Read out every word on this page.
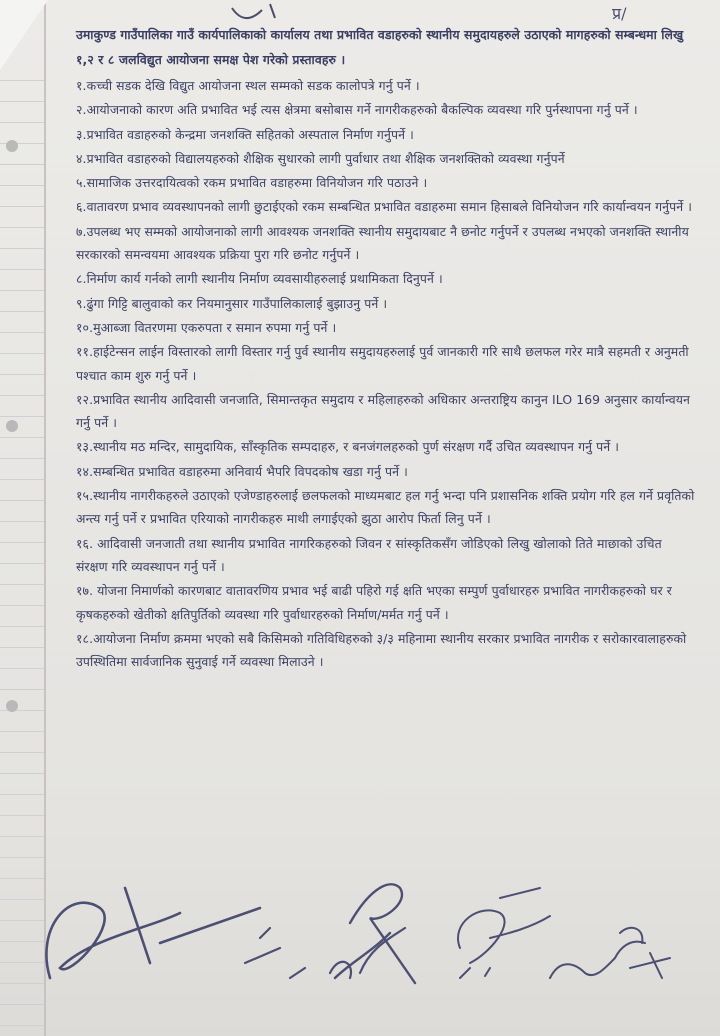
प्र/

उमाकुण्ड गाउँपालिका गाउँ कार्यपालिकाको कार्यालय तथा प्रभावित वडाहरुको स्थानीय समुदायहरुले उठाएको मागहरुको सम्बन्धमा लिखु १,२ र ८ जलविद्युत आयोजना समक्ष पेश गरेको प्रस्तावहरु ।

१.कच्ची सडक देखि विद्युत आयोजना स्थल सम्मको सडक कालोपत्रे गर्नु पर्ने ।

२.आयोजनाको कारण अति प्रभावित भई त्यस क्षेत्रमा बसोबास गर्ने नागरीकहरुको बैकल्पिक व्यवस्था गरि पुर्नस्थापना गर्नु पर्ने ।

३.प्रभावित वडाहरुको केन्द्रमा जनशक्ति सहितको अस्पताल निर्माण गर्नुपर्ने ।

४.प्रभावित वडाहरुको विद्यालयहरुको शैक्षिक सुधारको लागी पुर्वाधार तथा शैक्षिक जनशक्तिको व्यवस्था गर्नुपर्ने

५.सामाजिक उत्तरदायित्वको रकम प्रभावित वडाहरुमा विनियोजन गरि पठाउने ।

६.वातावरण प्रभाव व्यवस्थापनको लागी छुटाईएको रकम सम्बन्धित प्रभावित वडाहरुमा समान हिसाबले विनियोजन गरि कार्यान्वयन गर्नुपर्ने ।

७.उपलब्ध भए सम्मको आयोजनाको लागी आवश्यक जनशक्ति स्थानीय समुदायबाट नै छनोट गर्नुपर्ने र उपलब्ध नभएको जनशक्ति स्थानीय सरकारको समन्वयमा आवश्यक प्रक्रिया पुरा गरि छनोट गर्नुपर्ने ।

८.निर्माण कार्य गर्नको लागी स्थानीय निर्माण व्यवसायीहरुलाई प्रथामिकता दिनुपर्ने ।

९.ढुंगा गिट्टि बालुवाको कर नियमानुसार गाउँपालिकालाई बुझाउनु पर्ने ।

१०.मुआब्जा वितरणमा एकरुपता र समान रुपमा गर्नु पर्ने ।

११.हाईटेन्सन लाईन विस्तारको लागी विस्तार गर्नु पुर्व स्थानीय समुदायहरुलाई पुर्व जानकारी गरि साथै छलफल गरेर मात्रै सहमती र अनुमती पश्चात काम शुरु गर्नु पर्ने ।

१२.प्रभावित स्थानीय आदिवासी जनजाति, सिमान्तकृत समुदाय र महिलाहरुको अधिकार अन्तराष्ट्रिय कानुन ILO 169 अनुसार कार्यान्वयन गर्नु पर्ने ।

१३.स्थानीय मठ मन्दिर, सामुदायिक, साँस्कृतिक सम्पदाहरु, र बनजंगलहरुको पुर्ण संरक्षण गर्दै उचित व्यवस्थापन गर्नु पर्ने ।

१४.सम्बन्धित प्रभावित वडाहरुमा अनिवार्य भैपरि विपदकोष खडा गर्नु पर्ने ।

१५.स्थानीय नागरीकहरुले उठाएको एजेण्डाहरुलाई छलफलको माध्यमबाट हल गर्नु भन्दा पनि प्रशासनिक शक्ति प्रयोग गरि हल गर्ने प्रवृतिको अन्त्य गर्नु पर्ने र प्रभावित एरियाको नागरीकहरु माथी लगाईएको झुठा आरोप फिर्ता लिनु पर्ने ।

१६. आदिवासी जनजाती तथा स्थानीय प्रभावित नागरिकहरुको जिवन र सांस्कृतिकसँग जोडिएको लिखु खोलाको तिते माछाको उचित संरक्षण गरि व्यवस्थापन गर्नु पर्ने ।

१७. योजना निमार्णको कारणबाट वातावरणिय प्रभाव भई बाढी पहिरो गई क्षति भएका सम्पुर्ण पुर्वाधारहरु प्रभावित नागरीकहरुको घर र कृषकहरुको खेतीको क्षतिपुर्तिको व्यवस्था गरि पुर्वाधारहरुको निर्माण/मर्मत गर्नु पर्ने ।

१८.आयोजना निर्माण क्रममा भएको सबै किसिमको गतिविधिहरुको ३/३ महिनामा स्थानीय सरकार प्रभावित नागरीक र सरोकारवालाहरुको उपस्थितिमा सार्वजानिक सुनुवाई गर्ने व्यवस्था मिलाउने ।
